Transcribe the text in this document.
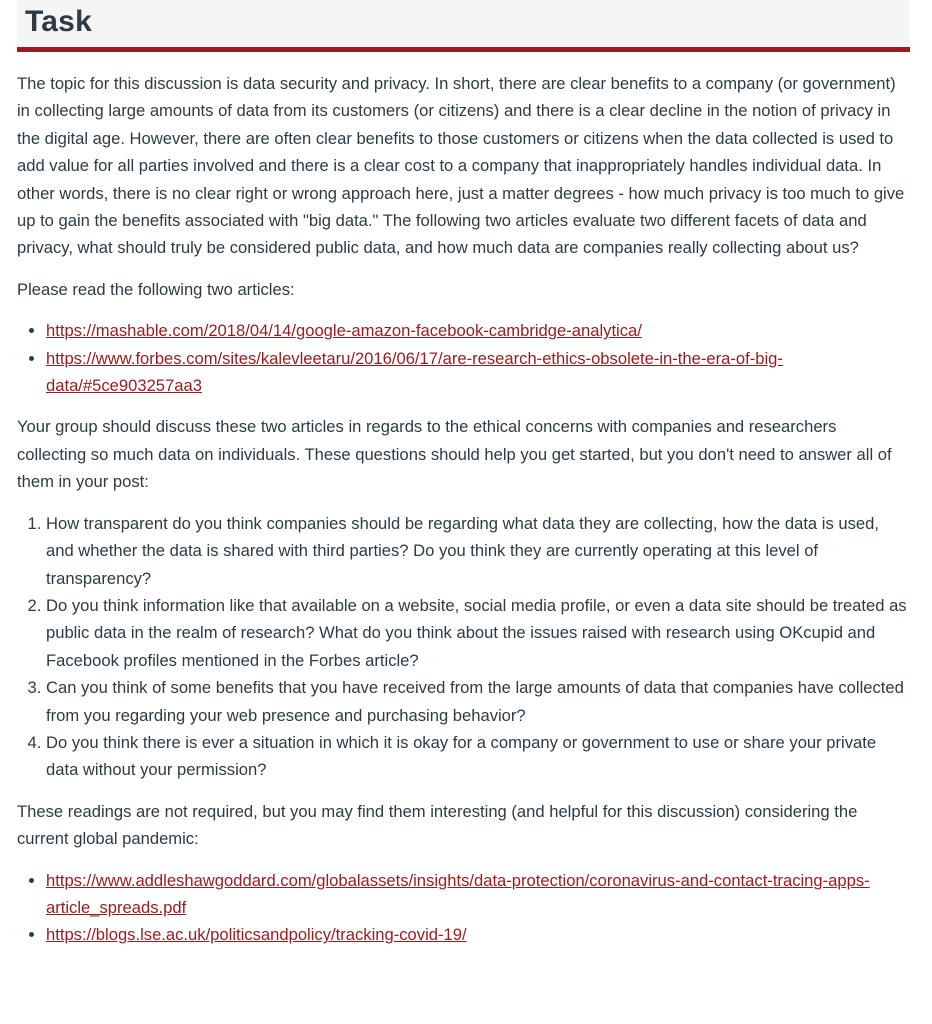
Task

The topic for this discussion is data security and privacy. In short, there are clear benefits to a company (or government) in collecting large amounts of data from its customers (or citizens) and there is a clear decline in the notion of privacy in the digital age. However, there are often clear benefits to those customers or citizens when the data collected is used to add value for all parties involved and there is a clear cost to a company that inappropriately handles individual data. In other words, there is no clear right or wrong approach here, just a matter degrees - how much privacy is too much to give up to gain the benefits associated with "big data." The following two articles evaluate two different facets of data and privacy, what should truly be considered public data, and how much data are companies really collecting about us?

Please read the following two articles:

• https://mashable.com/2018/04/14/google-amazon-facebook-cambridge-analytica/
• https://www.forbes.com/sites/kalevleetaru/2016/06/17/are-research-ethics-obsolete-in-the-era-of-big-data/#5ce903257aa3

Your group should discuss these two articles in regards to the ethical concerns with companies and researchers collecting so much data on individuals. These questions should help you get started, but you don't need to answer all of them in your post:

1. How transparent do you think companies should be regarding what data they are collecting, how the data is used, and whether the data is shared with third parties? Do you think they are currently operating at this level of transparency?
2. Do you think information like that available on a website, social media profile, or even a data site should be treated as public data in the realm of research? What do you think about the issues raised with research using OKcupid and Facebook profiles mentioned in the Forbes article?
3. Can you think of some benefits that you have received from the large amounts of data that companies have collected from you regarding your web presence and purchasing behavior?
4. Do you think there is ever a situation in which it is okay for a company or government to use or share your private data without your permission?

These readings are not required, but you may find them interesting (and helpful for this discussion) considering the current global pandemic:

• https://www.addleshawgoddard.com/globalassets/insights/data-protection/coronavirus-and-contact-tracing-apps-article_spreads.pdf
• https://blogs.lse.ac.uk/politicsandpolicy/tracking-covid-19/
